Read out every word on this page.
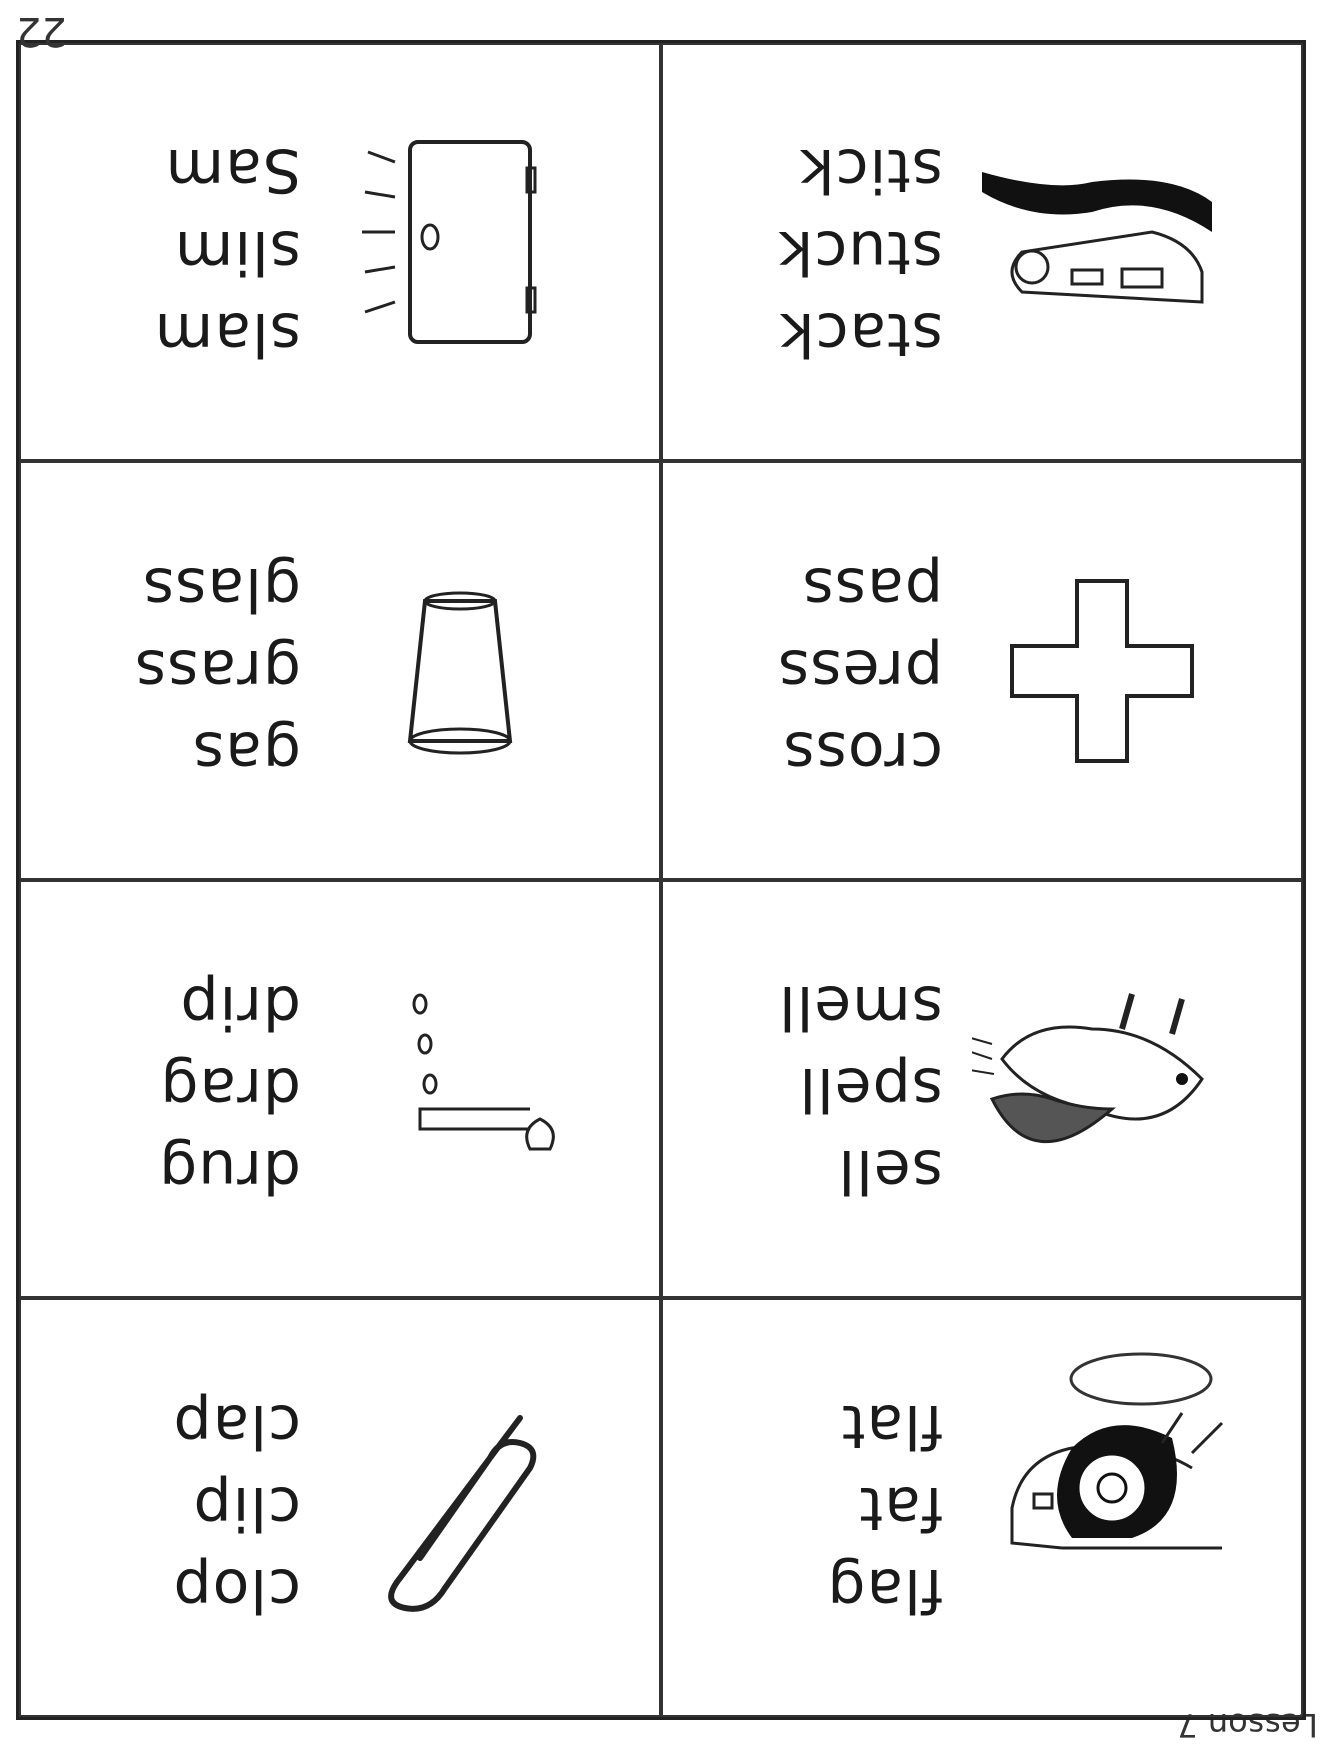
Lesson 7
flag
fat
flat
clop
clip
clap
sell
spell
smell
drug
drag
drip
cross
press
pass
gas
grass
glass
stack
stuck
stick
slam
slim
Sam
22
